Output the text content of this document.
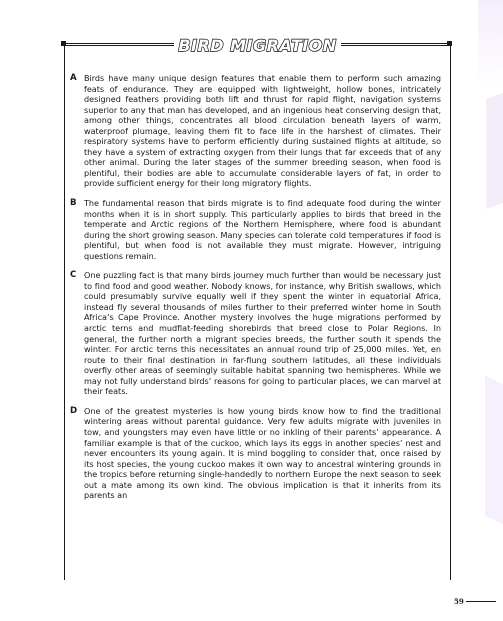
BIRD MIGRATION
A Birds have many unique design features that enable them to perform such amazing feats of endurance. They are equipped with lightweight, hollow bones, intricately designed feathers providing both lift and thrust for rapid flight, navigation systems superior to any that man has developed, and an ingenious heat conserving design that, among other things, concentrates all blood circulation beneath layers of warm, waterproof plumage, leaving them fit to face life in the harshest of climates. Their respiratory systems have to perform efficiently during sustained flights at altitude, so they have a system of extracting oxygen from their lungs that far exceeds that of any other animal. During the later stages of the summer breeding season, when food is plentiful, their bodies are able to accumulate considerable layers of fat, in order to provide sufficient energy for their long migratory flights.
B The fundamental reason that birds migrate is to find adequate food during the winter months when it is in short supply. This particularly applies to birds that breed in the temperate and Arctic regions of the Northern Hemisphere, where food is abundant during the short growing season. Many species can tolerate cold temperatures if food is plentiful, but when food is not available they must migrate. However, intriguing questions remain.
C One puzzling fact is that many birds journey much further than would be necessary just to find food and good weather. Nobody knows, for instance, why British swallows, which could presumably survive equally well if they spent the winter in equatorial Africa, instead fly several thousands of miles further to their preferred winter home in South Africa’s Cape Province. Another mystery involves the huge migrations performed by arctic terns and mudflat-feeding shorebirds that breed close to Polar Regions. In general, the further north a migrant species breeds, the further south it spends the winter. For arctic terns this necessitates an annual round trip of 25,000 miles. Yet, en route to their final destination in far-flung southern latitudes, all these individuals overfly other areas of seemingly suitable habitat spanning two hemispheres. While we may not fully understand birds’ reasons for going to particular places, we can marvel at their feats.
D One of the greatest mysteries is how young birds know how to find the traditional wintering areas without parental guidance. Very few adults migrate with juveniles in tow, and youngsters may even have little or no inkling of their parents’ appearance. A familiar example is that of the cuckoo, which lays its eggs in another species’ nest and never encounters its young again. It is mind boggling to consider that, once raised by its host species, the young cuckoo makes it own way to ancestral wintering grounds in the tropics before returning single-handedly to northern Europe the next season to seek out a mate among its own kind. The obvious implication is that it inherits from its parents an
59
